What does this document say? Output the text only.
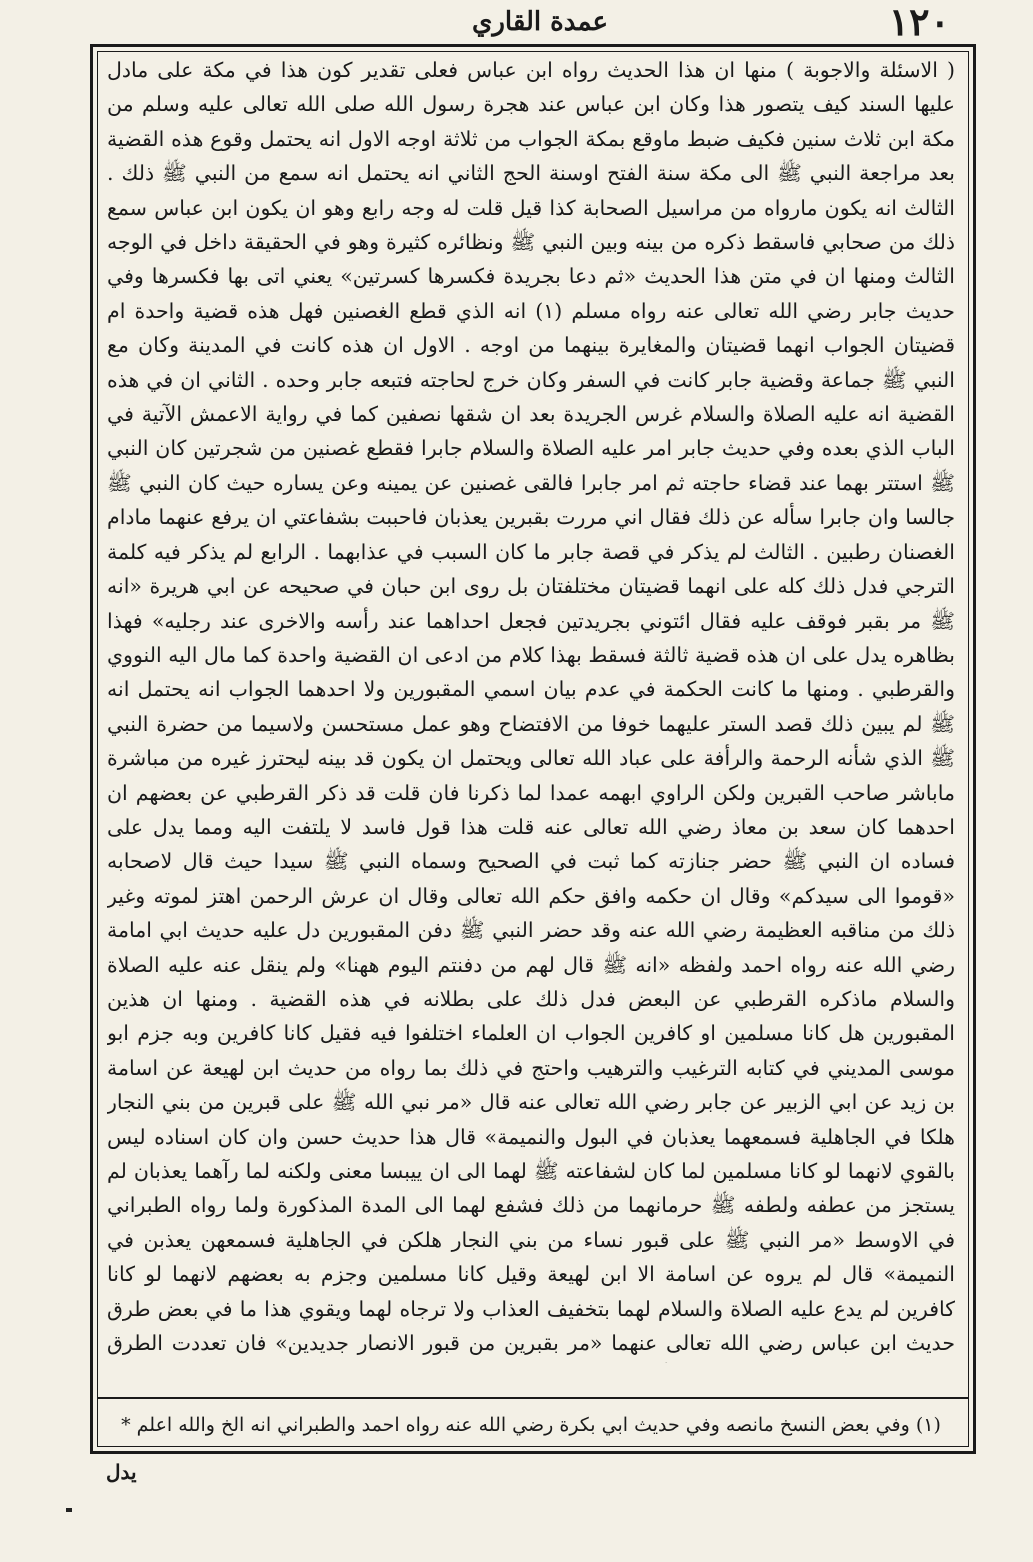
عمدة القاري	١٢٠

( الاسئلة والاجوبة ) منها ان هذا الحديث رواه ابن عباس فعلى تقدير كون هذا في مكة على مادل عليها السند كيف يتصور هذا وكان ابن عباس عند هجرة رسول الله صلى الله تعالى عليه وسلم من مكة ابن ثلاث سنين فكيف ضبط ماوقع بمكة الجواب من ثلاثة اوجه الاول انه يحتمل وقوع هذه القضية بعد مراجعة النبي ﷺ الى مكة سنة الفتح اوسنة الحج الثاني انه يحتمل انه سمع من النبي ﷺ ذلك . الثالث انه يكون مارواه من مراسيل الصحابة كذا قيل قلت له وجه رابع وهو ان يكون ابن عباس سمع ذلك من صحابي فاسقط ذكره من بينه وبين النبي ﷺ ونظائره كثيرة وهو في الحقيقة داخل في الوجه الثالث ومنها ان في متن هذا الحديث «ثم دعا بجريدة فكسرها كسرتين» يعني اتى بها فكسرها وفي حديث جابر رضي الله تعالى عنه رواه مسلم (١) انه الذي قطع الغصنين فهل هذه قضية واحدة ام قضيتان الجواب انهما قضيتان والمغايرة بينهما من اوجه . الاول ان هذه كانت في المدينة وكان مع النبي ﷺ جماعة وقضية جابر كانت في السفر وكان خرج لحاجته فتبعه جابر وحده . الثاني ان في هذه القضية انه عليه الصلاة والسلام غرس الجريدة بعد ان شقها نصفين كما في رواية الاعمش الآتية في الباب الذي بعده وفي حديث جابر امر عليه الصلاة والسلام جابرا فقطع غصنين من شجرتين كان النبي ﷺ استتر بهما عند قضاء حاجته ثم امر جابرا فالقى غصنين عن يمينه وعن يساره حيث كان النبي ﷺ جالسا وان جابرا سأله عن ذلك فقال اني مررت بقبرين يعذبان فاحببت بشفاعتي ان يرفع عنهما مادام الغصنان رطبين . الثالث لم يذكر في قصة جابر ما كان السبب في عذابهما . الرابع لم يذكر فيه كلمة الترجي فدل ذلك كله على انهما قضيتان مختلفتان بل روى ابن حبان في صحيحه عن ابي هريرة «انه ﷺ مر بقبر فوقف عليه فقال ائتوني بجريدتين فجعل احداهما عند رأسه والاخرى عند رجليه» فهذا بظاهره يدل على ان هذه قضية ثالثة فسقط بهذا كلام من ادعى ان القضية واحدة كما مال اليه النووي والقرطبي . ومنها ما كانت الحكمة في عدم بيان اسمي المقبورين ولا احدهما الجواب انه يحتمل انه ﷺ لم يبين ذلك قصد الستر عليهما خوفا من الافتضاح وهو عمل مستحسن ولاسيما من حضرة النبي ﷺ الذي شأنه الرحمة والرأفة على عباد الله تعالى ويحتمل ان يكون قد بينه ليحترز غيره من مباشرة ماباشر صاحب القبرين ولكن الراوي ابهمه عمدا لما ذكرنا فان قلت قد ذكر القرطبي عن بعضهم ان احدهما كان سعد بن معاذ رضي الله تعالى عنه قلت هذا قول فاسد لا يلتفت اليه ومما يدل على فساده ان النبي ﷺ حضر جنازته كما ثبت في الصحيح وسماه النبي ﷺ سيدا حيث قال لاصحابه «قوموا الى سيدكم» وقال ان حكمه وافق حكم الله تعالى وقال ان عرش الرحمن اهتز لموته وغير ذلك من مناقبه العظيمة رضي الله عنه وقد حضر النبي ﷺ دفن المقبورين دل عليه حديث ابي امامة رضي الله عنه رواه احمد ولفظه «انه ﷺ قال لهم من دفنتم اليوم ههنا» ولم ينقل عنه عليه الصلاة والسلام ماذكره القرطبي عن البعض فدل ذلك على بطلانه في هذه القضية . ومنها ان هذين المقبورين هل كانا مسلمين او كافرين الجواب ان العلماء اختلفوا فيه فقيل كانا كافرين وبه جزم ابو موسى المديني في كتابه الترغيب والترهيب واحتج في ذلك بما رواه من حديث ابن لهيعة عن اسامة بن زيد عن ابي الزبير عن جابر رضي الله تعالى عنه قال «مر نبي الله ﷺ على قبرين من بني النجار هلكا في الجاهلية فسمعهما يعذبان في البول والنميمة» قال هذا حديث حسن وان كان اسناده ليس بالقوي لانهما لو كانا مسلمين لما كان لشفاعته ﷺ لهما الى ان ييبسا معنى ولكنه لما رآهما يعذبان لم يستجز من عطفه ولطفه ﷺ حرمانهما من ذلك فشفع لهما الى المدة المذكورة ولما رواه الطبراني في الاوسط «مر النبي ﷺ على قبور نساء من بني النجار هلكن في الجاهلية فسمعهن يعذبن في النميمة» قال لم يروه عن اسامة الا ابن لهيعة وقيل كانا مسلمين وجزم به بعضهم لانهما لو كانا كافرين لم يدع عليه الصلاة والسلام لهما بتخفيف العذاب ولا ترجاه لهما ويقوي هذا ما في بعض طرق حديث ابن عباس رضي الله تعالى عنهما «مر بقبرين من قبور الانصار جديدين» فان تعددت الطرق

(١) وفي بعض النسخ مانصه وفي حديث ابي بكرة رضي الله عنه رواه احمد والطبراني انه الخ والله اعلم *
يدل
